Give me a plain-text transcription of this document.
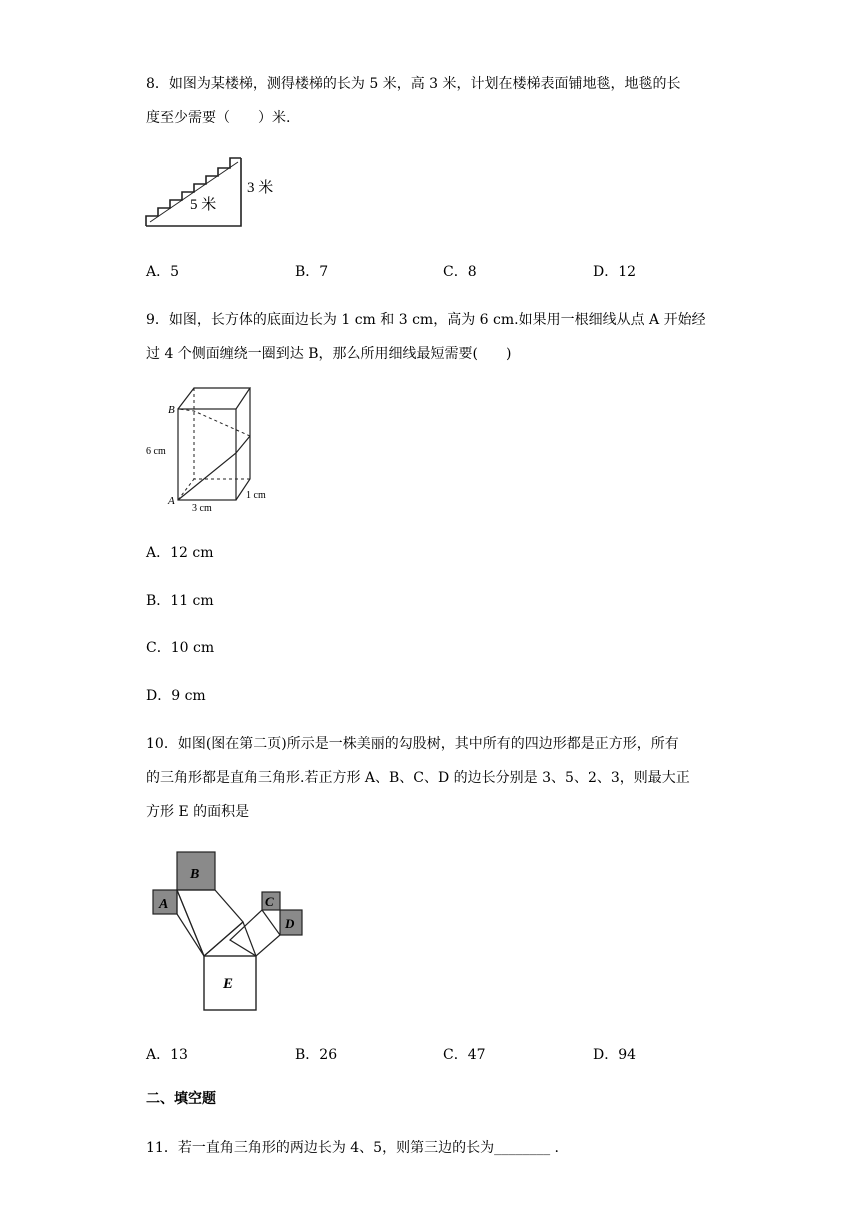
8．如图为某楼梯，测得楼梯的长为 5 米，高 3 米，计划在楼梯表面铺地毯，地毯的长
度至少需要（　　）米.
5 米
3 米
A．5	B．7	C．8	D．12
9．如图，长方体的底面边长为 1 cm 和 3 cm，高为 6 cm.如果用一根细线从点 A 开始经
过 4 个侧面缠绕一圈到达 B，那么所用细线最短需要(　　)
B
A
6 cm
3 cm
1 cm
A．12 cm
B．11 cm
C．10 cm
D．9 cm
10．如图(图在第二页)所示是一株美丽的勾股树，其中所有的四边形都是正方形，所有
的三角形都是直角三角形.若正方形 A、B、C、D 的边长分别是 3、5、2、3，则最大正
方形 E 的面积是
B
A	C
D
E
A．13	B．26	C．47	D．94
二、填空题
11．若一直角三角形的两边长为 4、5，则第三边的长为________ .
